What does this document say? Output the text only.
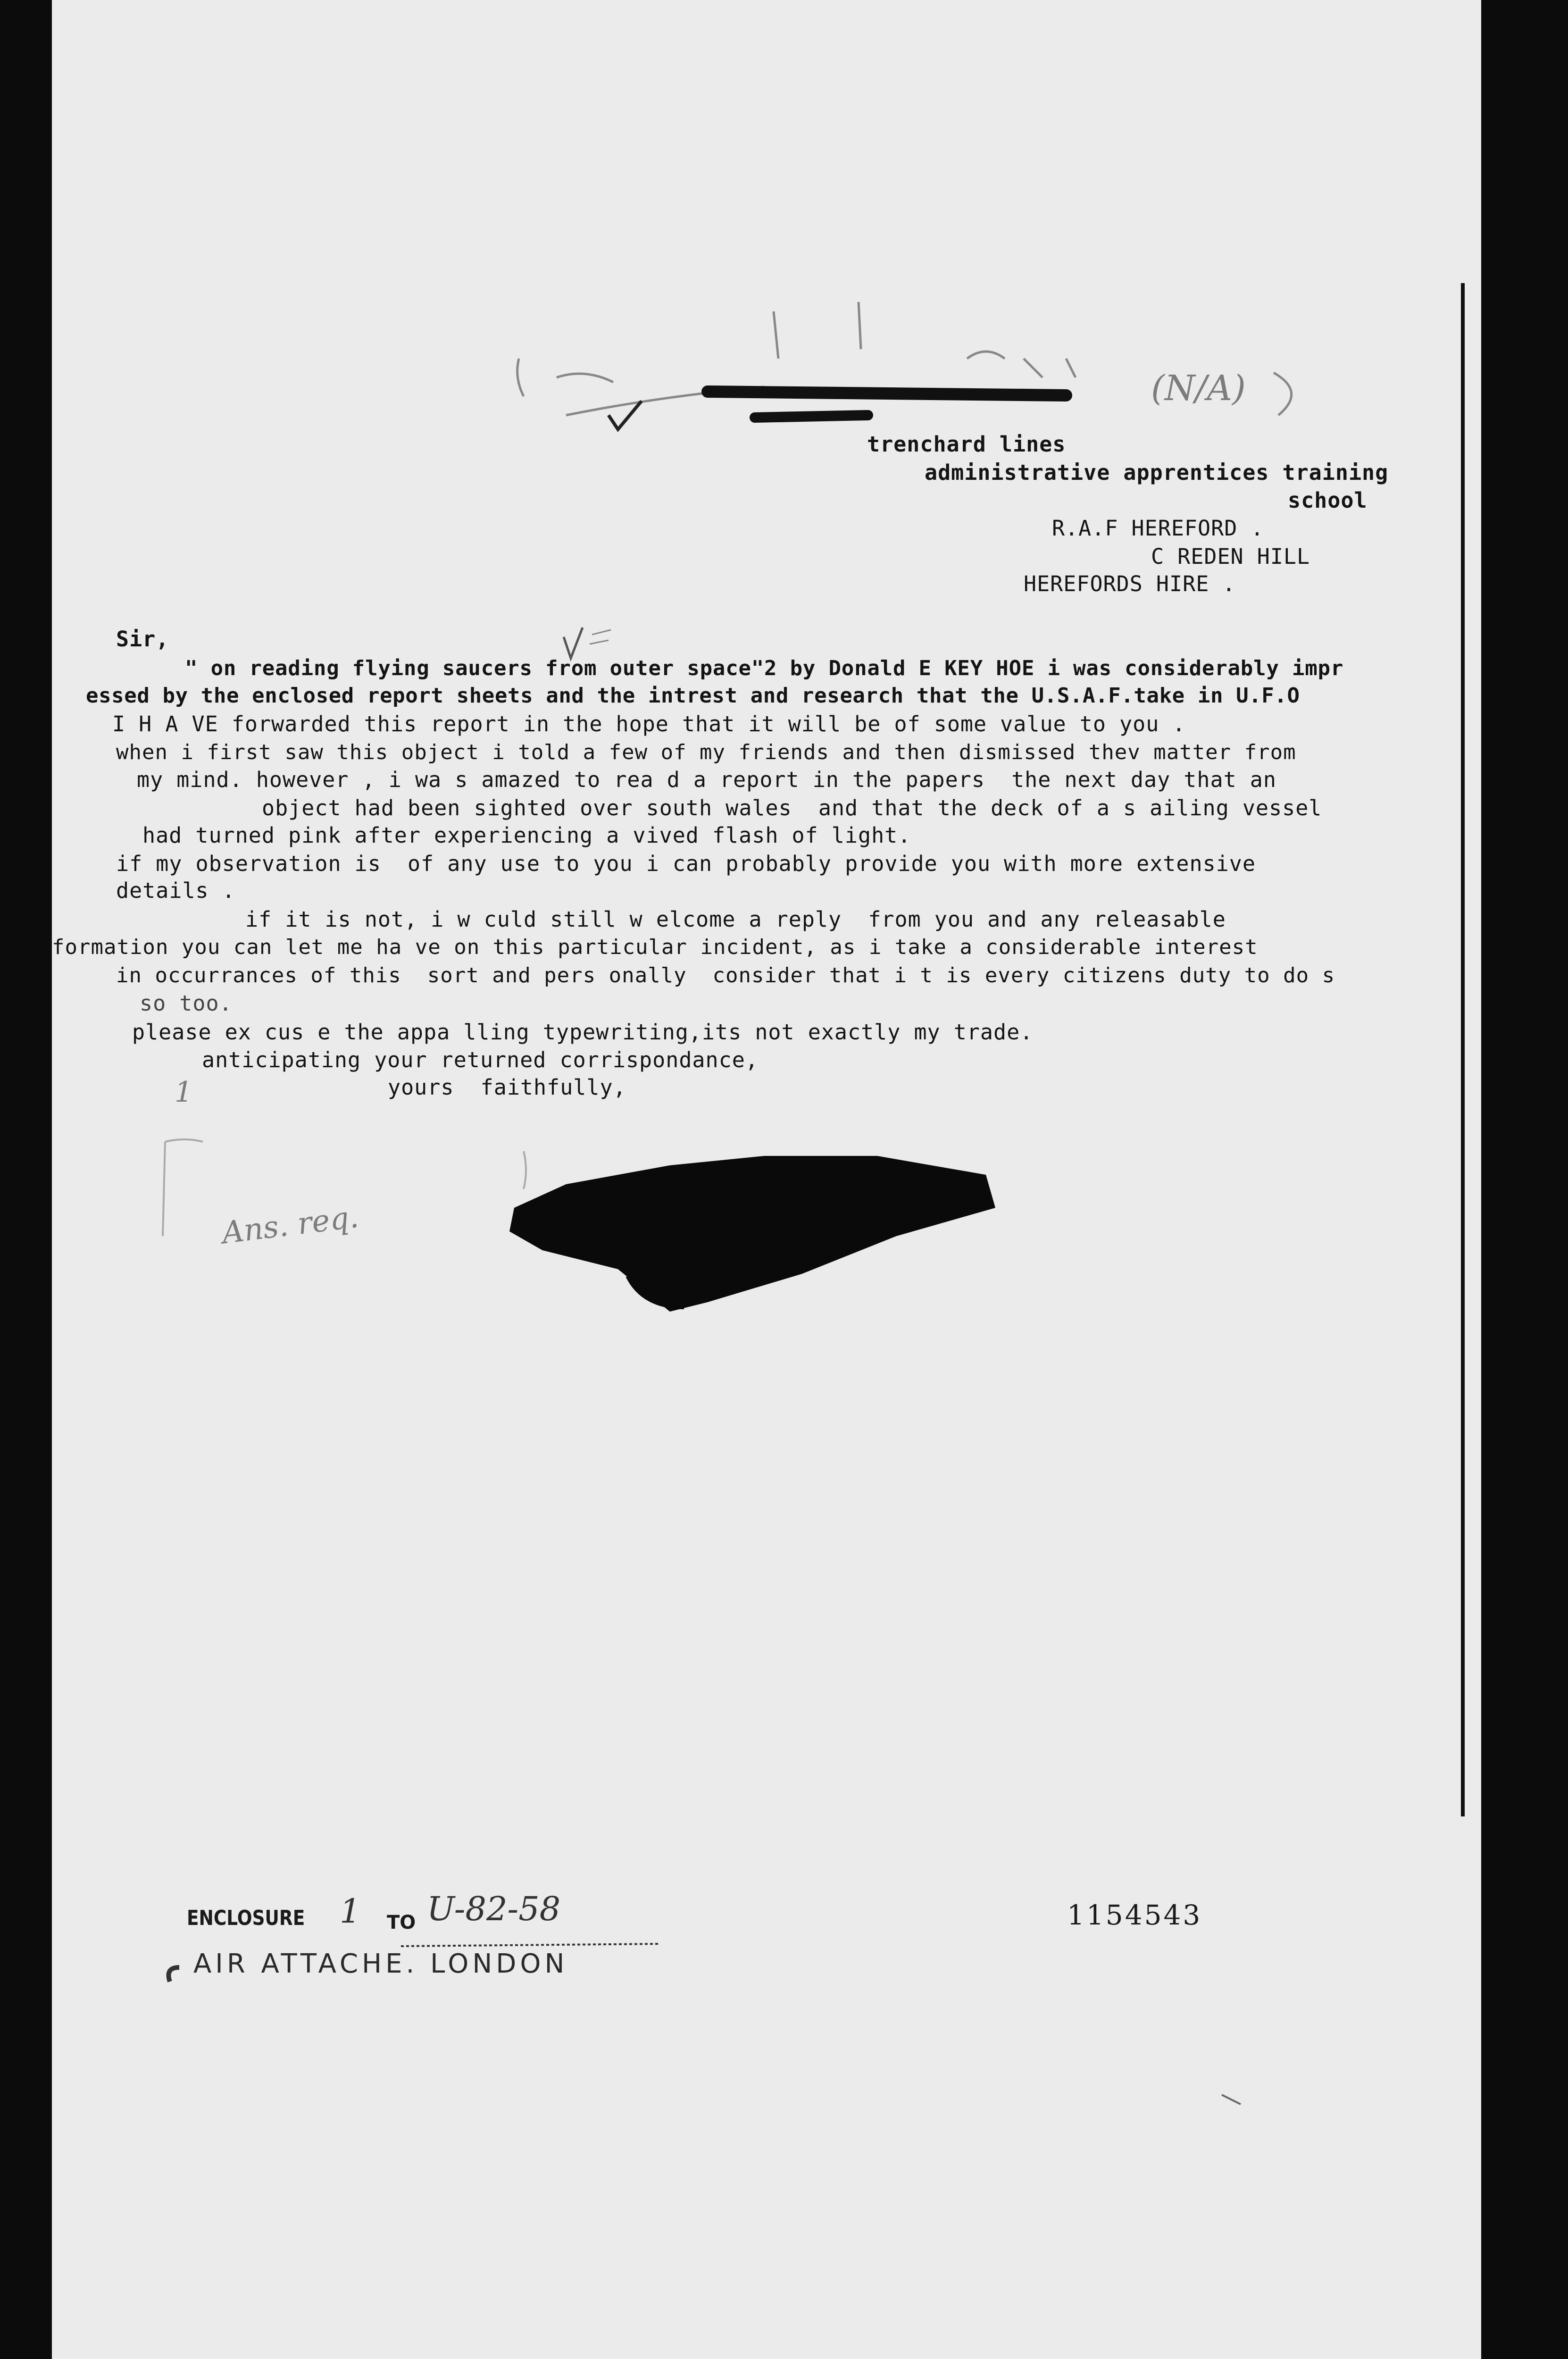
(N/A)
1
Ans. req.
trenchard lines
administrative apprentices training
school
R.A.F HEREFORD .
C REDEN HILL
HEREFORDS HIRE .
Sir,
" on reading flying saucers from outer space"2 by Donald E KEY HOE i was considerably impr
essed by the enclosed report sheets and the intrest and research that the U.S.A.F.take in U.F.O
I H A VE forwarded this report in the hope that it will be of some value to you .
when i first saw this object i told a few of my friends and then dismissed thev matter from
my mind. however , i wa s amazed to rea d a report in the papers  the next day that an
object had been sighted over south wales  and that the deck of a s ailing vessel
had turned pink after experiencing a vived flash of light.
if my observation is  of any use to you i can probably provide you with more extensive
details .
if it is not, i w culd still w elcome a reply  from you and any releasable
formation you can let me ha ve on this particular incident, as i take a considerable interest
in occurrances of this  sort and pers onally  consider that i t is every citizens duty to do s
so too.
please ex cus e the appa lling typewriting,its not exactly my trade.
anticipating your returned corrispondance,
yours  faithfully,
ENCLOSURE 1 TO U-82-58
AIR ATTACHE. LONDON
1154543
